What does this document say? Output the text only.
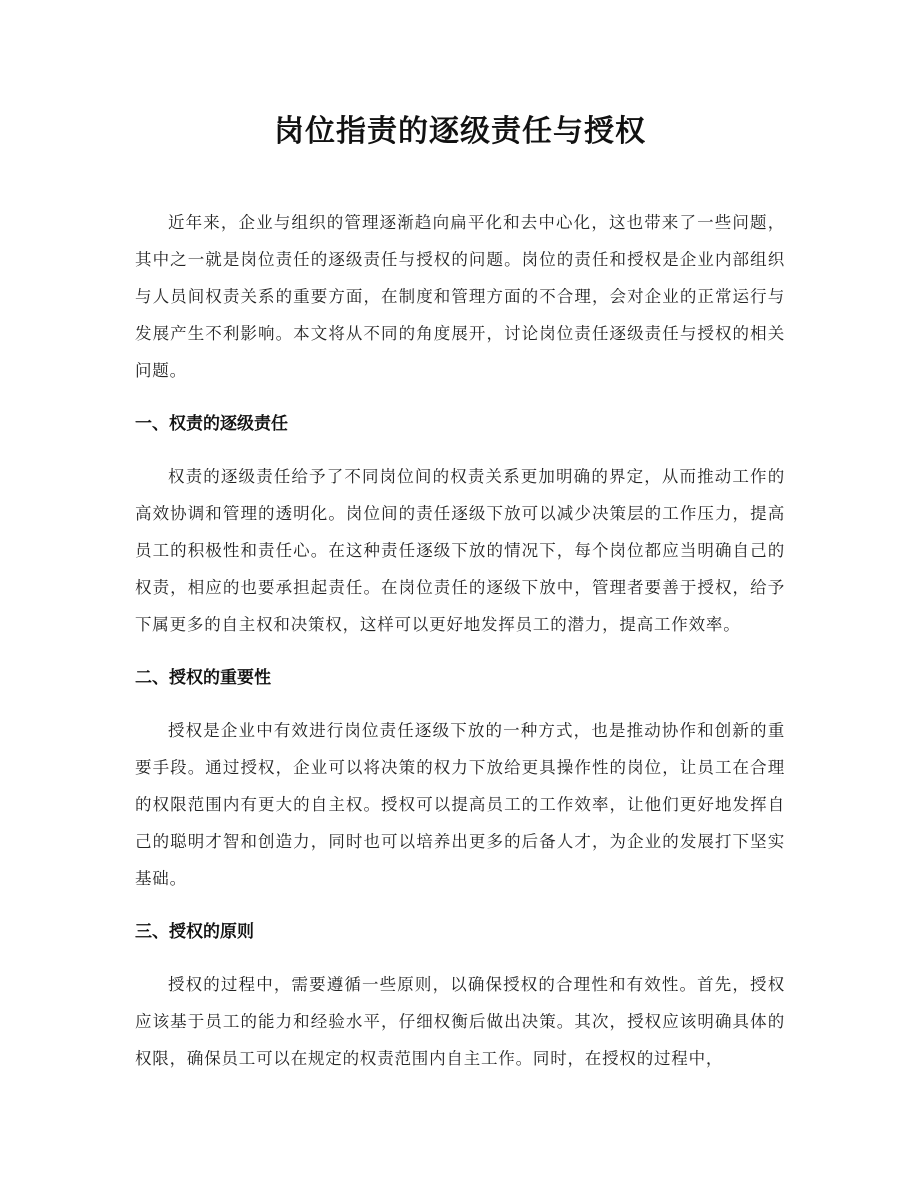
岗位指责的逐级责任与授权

近年来，企业与组织的管理逐渐趋向扁平化和去中心化，这也带来了一些问题，其中之一就是岗位责任的逐级责任与授权的问题。岗位的责任和授权是企业内部组织与人员间权责关系的重要方面，在制度和管理方面的不合理，会对企业的正常运行与发展产生不利影响。本文将从不同的角度展开，讨论岗位责任逐级责任与授权的相关问题。

一、权责的逐级责任

权责的逐级责任给予了不同岗位间的权责关系更加明确的界定，从而推动工作的高效协调和管理的透明化。岗位间的责任逐级下放可以减少决策层的工作压力，提高员工的积极性和责任心。在这种责任逐级下放的情况下，每个岗位都应当明确自己的权责，相应的也要承担起责任。在岗位责任的逐级下放中，管理者要善于授权，给予下属更多的自主权和决策权，这样可以更好地发挥员工的潜力，提高工作效率。

二、授权的重要性

授权是企业中有效进行岗位责任逐级下放的一种方式，也是推动协作和创新的重要手段。通过授权，企业可以将决策的权力下放给更具操作性的岗位，让员工在合理的权限范围内有更大的自主权。授权可以提高员工的工作效率，让他们更好地发挥自己的聪明才智和创造力，同时也可以培养出更多的后备人才，为企业的发展打下坚实基础。

三、授权的原则

授权的过程中，需要遵循一些原则，以确保授权的合理性和有效性。首先，授权应该基于员工的能力和经验水平，仔细权衡后做出决策。其次，授权应该明确具体的权限，确保员工可以在规定的权责范围内自主工作。同时，在授权的过程中，
